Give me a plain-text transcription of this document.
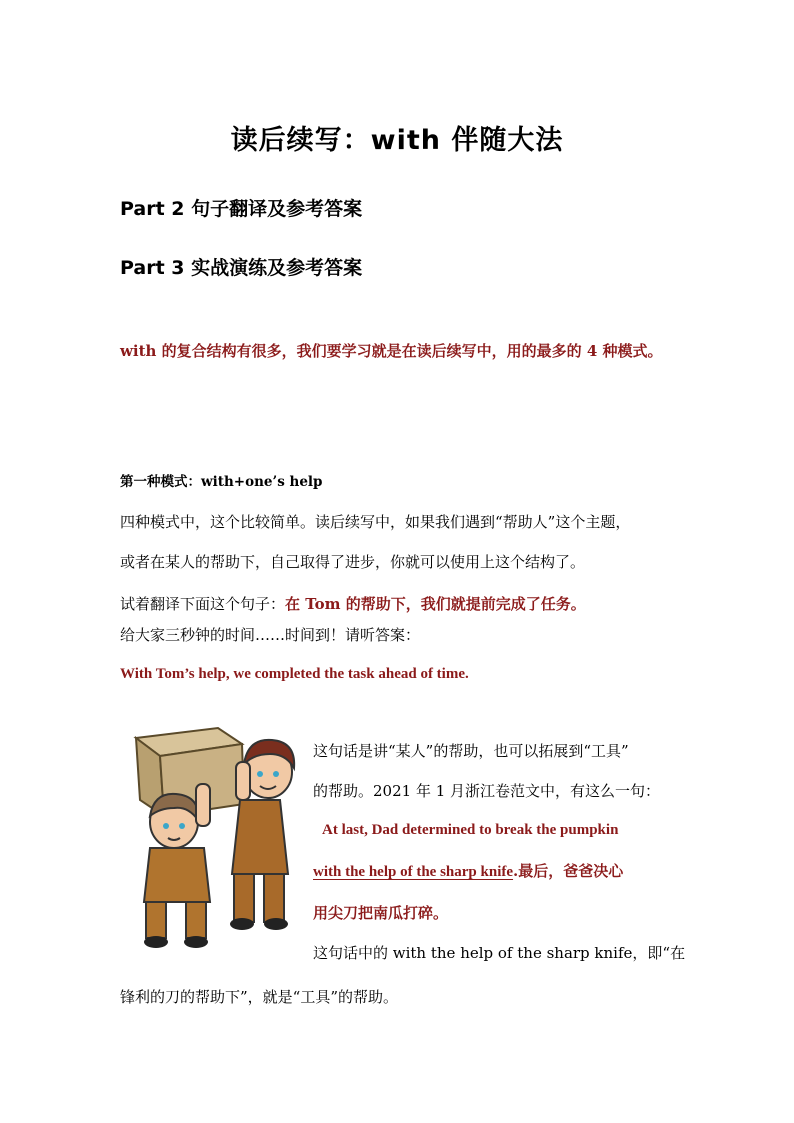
读后续写：with 伴随大法
Part 2 句子翻译及参考答案
Part 3 实战演练及参考答案
with 的复合结构有很多，我们要学习就是在读后续写中，用的最多的 4 种模式。
第一种模式：with+one’s help
四种模式中，这个比较简单。读后续写中，如果我们遇到“帮助人”这个主题，
或者在某人的帮助下，自己取得了进步，你就可以使用上这个结构了。
试着翻译下面这个句子：在 Tom 的帮助下，我们就提前完成了任务。
给大家三秒钟的时间……时间到！请听答案：
With Tom’s help, we completed the task ahead of time.
这句话是讲“某人”的帮助，也可以拓展到“工具”
的帮助。2021 年 1 月浙江卷范文中，有这么一句：
At last, Dad determined to break the pumpkin
with the help of the sharp knife.最后，爸爸决心
用尖刀把南瓜打碎。
这句话中的 with the help of the sharp knife，即“在
锋利的刀的帮助下”，就是“工具”的帮助。
